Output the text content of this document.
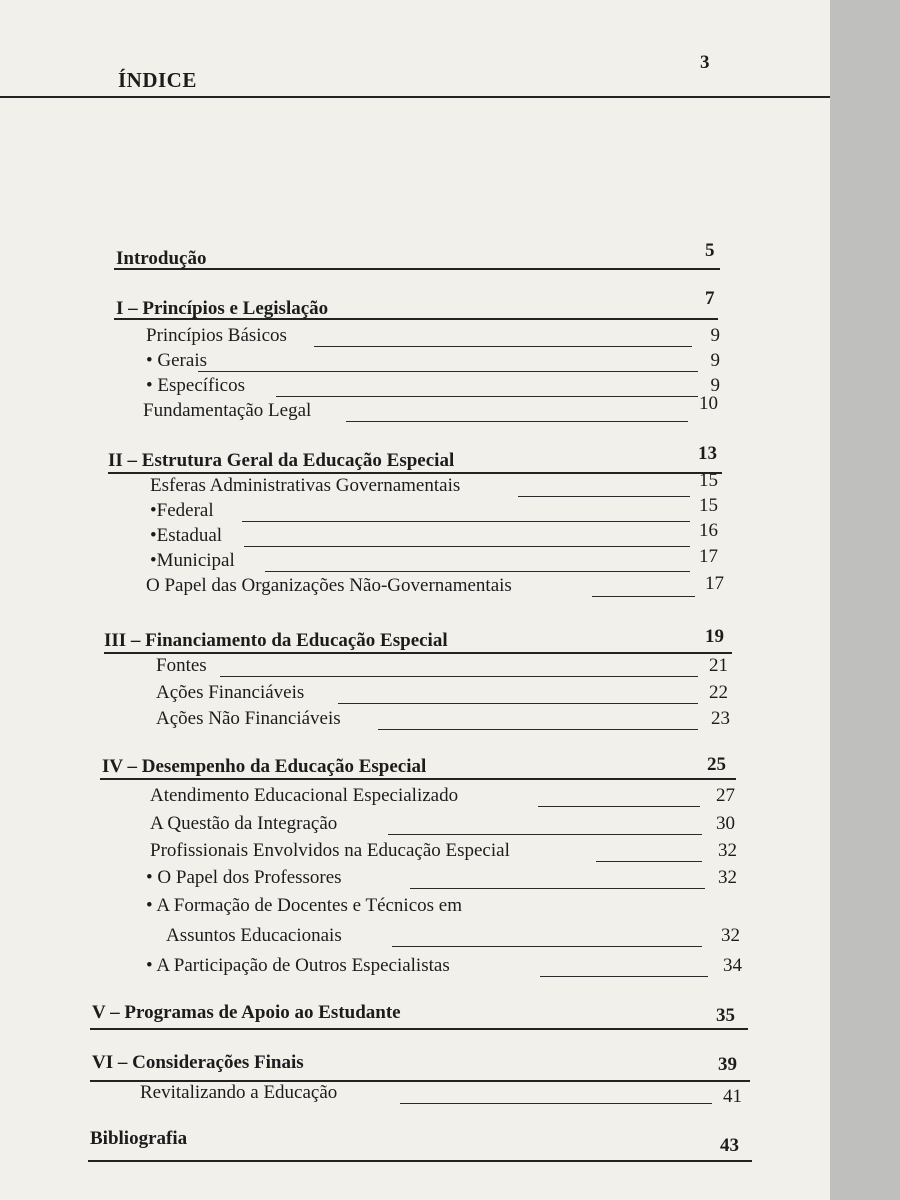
ÍNDICE
3
Introdução	5
I – Princípios e Legislação	7
Princípios Básicos	9
• Gerais	9
• Específicos	9
Fundamentação Legal	10
II – Estrutura Geral da Educação Especial	13
Esferas Administrativas Governamentais	15
•Federal	15
•Estadual	16
•Municipal	17
O Papel das Organizações Não-Governamentais	17
III – Financiamento da Educação Especial	19
Fontes	21
Ações Financiáveis	22
Ações Não Financiáveis	23
IV – Desempenho da Educação Especial	25
Atendimento Educacional Especializado	27
A Questão da Integração	30
Profissionais Envolvidos na Educação Especial	32
• O Papel dos Professores	32
• A Formação de Docentes e Técnicos em
Assuntos Educacionais	32
• A Participação de Outros Especialistas	34
V – Programas de Apoio ao Estudante	35
VI – Considerações Finais	39
Revitalizando a Educação	41
Bibliografia	43
